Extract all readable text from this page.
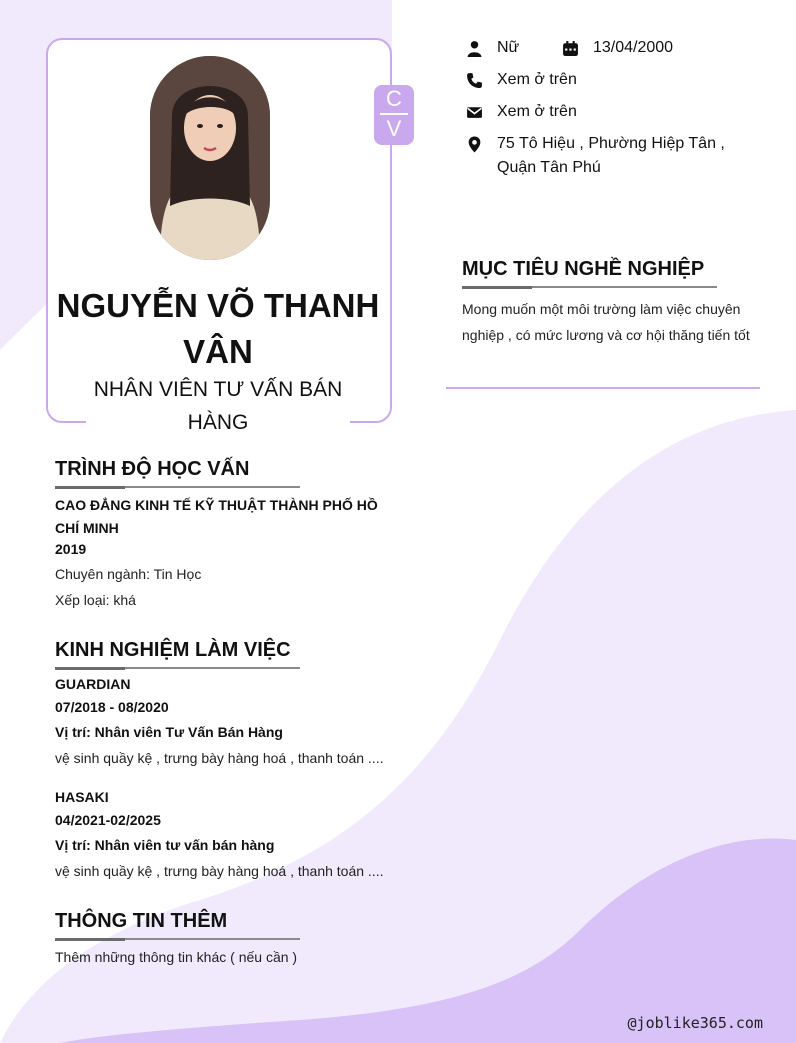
C
V
NGUYỄN VÕ THANH VÂN
NHÂN VIÊN TƯ VẤN BÁN HÀNG
Nữ	13/04/2000
Xem ở trên
Xem ở trên
75 Tô Hiệu , Phường Hiệp Tân , Quận Tân Phú
MỤC TIÊU NGHỀ NGHIỆP
Mong muốn một môi trường làm việc chuyên nghiệp , có mức lương và cơ hội thăng tiến tốt
TRÌNH ĐỘ HỌC VẤN
CAO ĐẲNG KINH TẾ KỸ THUẬT THÀNH PHỐ HỒ CHÍ MINH
2019
Chuyên ngành: Tin Học
Xếp loại: khá
KINH NGHIỆM LÀM VIỆC
GUARDIAN
07/2018 - 08/2020
Vị trí: Nhân viên Tư Vấn Bán Hàng
vệ sinh quầy kệ , trưng bày hàng hoá , thanh toán ....
HASAKI
04/2021-02/2025
Vị trí: Nhân viên tư vấn bán hàng
vệ sinh quầy kệ , trưng bày hàng hoá , thanh toán ....
THÔNG TIN THÊM
Thêm những thông tin khác ( nếu cần )
@joblike365.com
